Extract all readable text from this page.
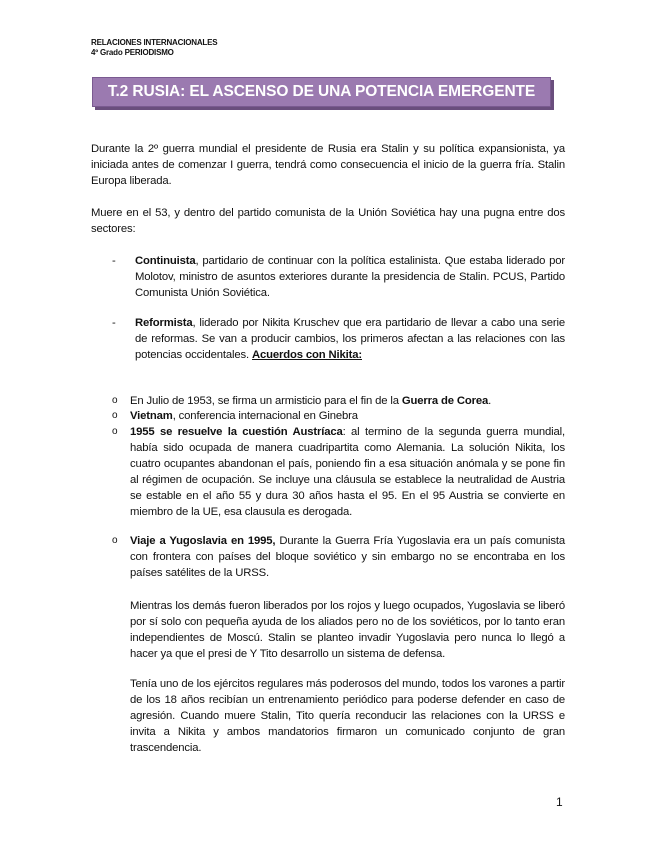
RELACIONES INTERNACIONALES
4º Grado PERIODISMO
T.2 RUSIA: EL ASCENSO DE UNA POTENCIA EMERGENTE
Durante la 2º guerra mundial el presidente de Rusia era Stalin y su política expansionista, ya iniciada antes de comenzar I guerra, tendrá como consecuencia el inicio de la guerra fría. Stalin Europa liberada.
Muere en el 53, y dentro del partido comunista de la Unión Soviética hay una pugna entre dos sectores:
- Continuista, partidario de continuar con la política estalinista. Que estaba liderado por Molotov, ministro de asuntos exteriores durante la presidencia de Stalin. PCUS, Partido Comunista Unión Soviética.
- Reformista, liderado por Nikita Kruschev que era partidario de llevar a cabo una serie de reformas. Se van a producir cambios, los primeros afectan a las relaciones con las potencias occidentales. Acuerdos con Nikita:
o En Julio de 1953, se firma un armisticio para el fin de la Guerra de Corea.
o Vietnam, conferencia internacional en Ginebra
o 1955 se resuelve la cuestión Austríaca: al termino de la segunda guerra mundial, había sido ocupada de manera cuadripartita como Alemania. La solución Nikita, los cuatro ocupantes abandonan el país, poniendo fin a esa situación anómala y se pone fin al régimen de ocupación. Se incluye una cláusula se establece la neutralidad de Austria se estable en el año 55 y dura 30 años hasta el 95. En el 95 Austria se convierte en miembro de la UE, esa clausula es derogada.
o Viaje a Yugoslavia en 1995, Durante la Guerra Fría Yugoslavia era un país comunista con frontera con países del bloque soviético y sin embargo no se encontraba en los países satélites de la URSS.
Mientras los demás fueron liberados por los rojos y luego ocupados, Yugoslavia se liberó por sí solo con pequeña ayuda de los aliados pero no de los soviéticos, por lo tanto eran independientes de Moscú. Stalin se planteo invadir Yugoslavia pero nunca lo llegó a hacer ya que el presi de Y Tito desarrollo un sistema de defensa.
Tenía uno de los ejércitos regulares más poderosos del mundo, todos los varones a partir de los 18 años recibían un entrenamiento periódico para poderse defender en caso de agresión. Cuando muere Stalin, Tito quería reconducir las relaciones con la URSS e invita a Nikita y ambos mandatorios firmaron un comunicado conjunto de gran trascendencia.
1
